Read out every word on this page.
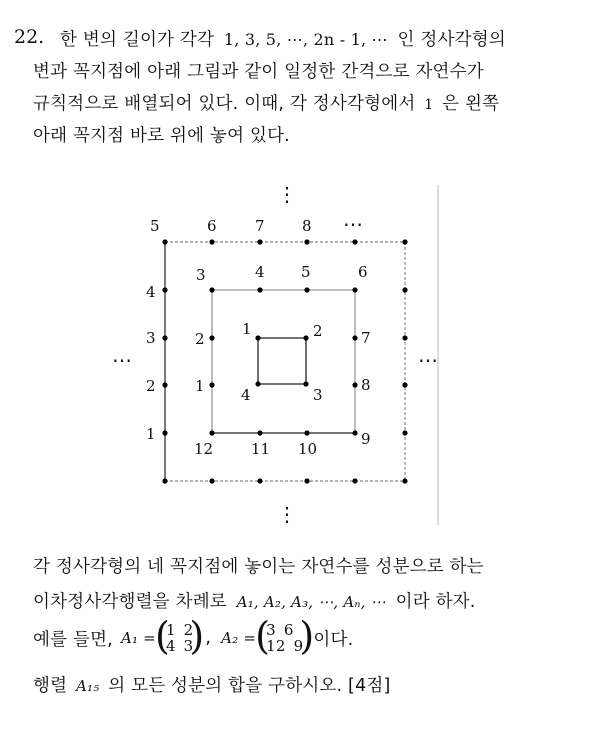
22. 한 변의 길이가 각각 1, 3, 5, ⋯, 2n - 1, ⋯ 인 정사각형의
변과 꼭지점에 아래 그림과 같이 일정한 간격으로 자연수가
규칙적으로 배열되어 있다. 이때, 각 정사각형에서 1 은 왼쪽
아래 꼭지점 바로 위에 놓여 있다.
1	2
3
4
1
2
3	4 5	6
7
8
9
10
11
12
1
2
3
4
5	6	7 8 ⋯
⋯	⋯
⋮
⋮
각 정사각형의 네 꼭지점에 놓이는 자연수를 성분으로 하는
이차정사각행렬을 차례로 A₁, A₂, A₃, ⋯, Aₙ, ⋯ 이라 하자.
예를 들면, A₁ = (
1 2
4 3
) , A₂ = (
3 6
12 9
) 이다.
행렬 A₁₅ 의 모든 성분의 합을 구하시오. [4점]
